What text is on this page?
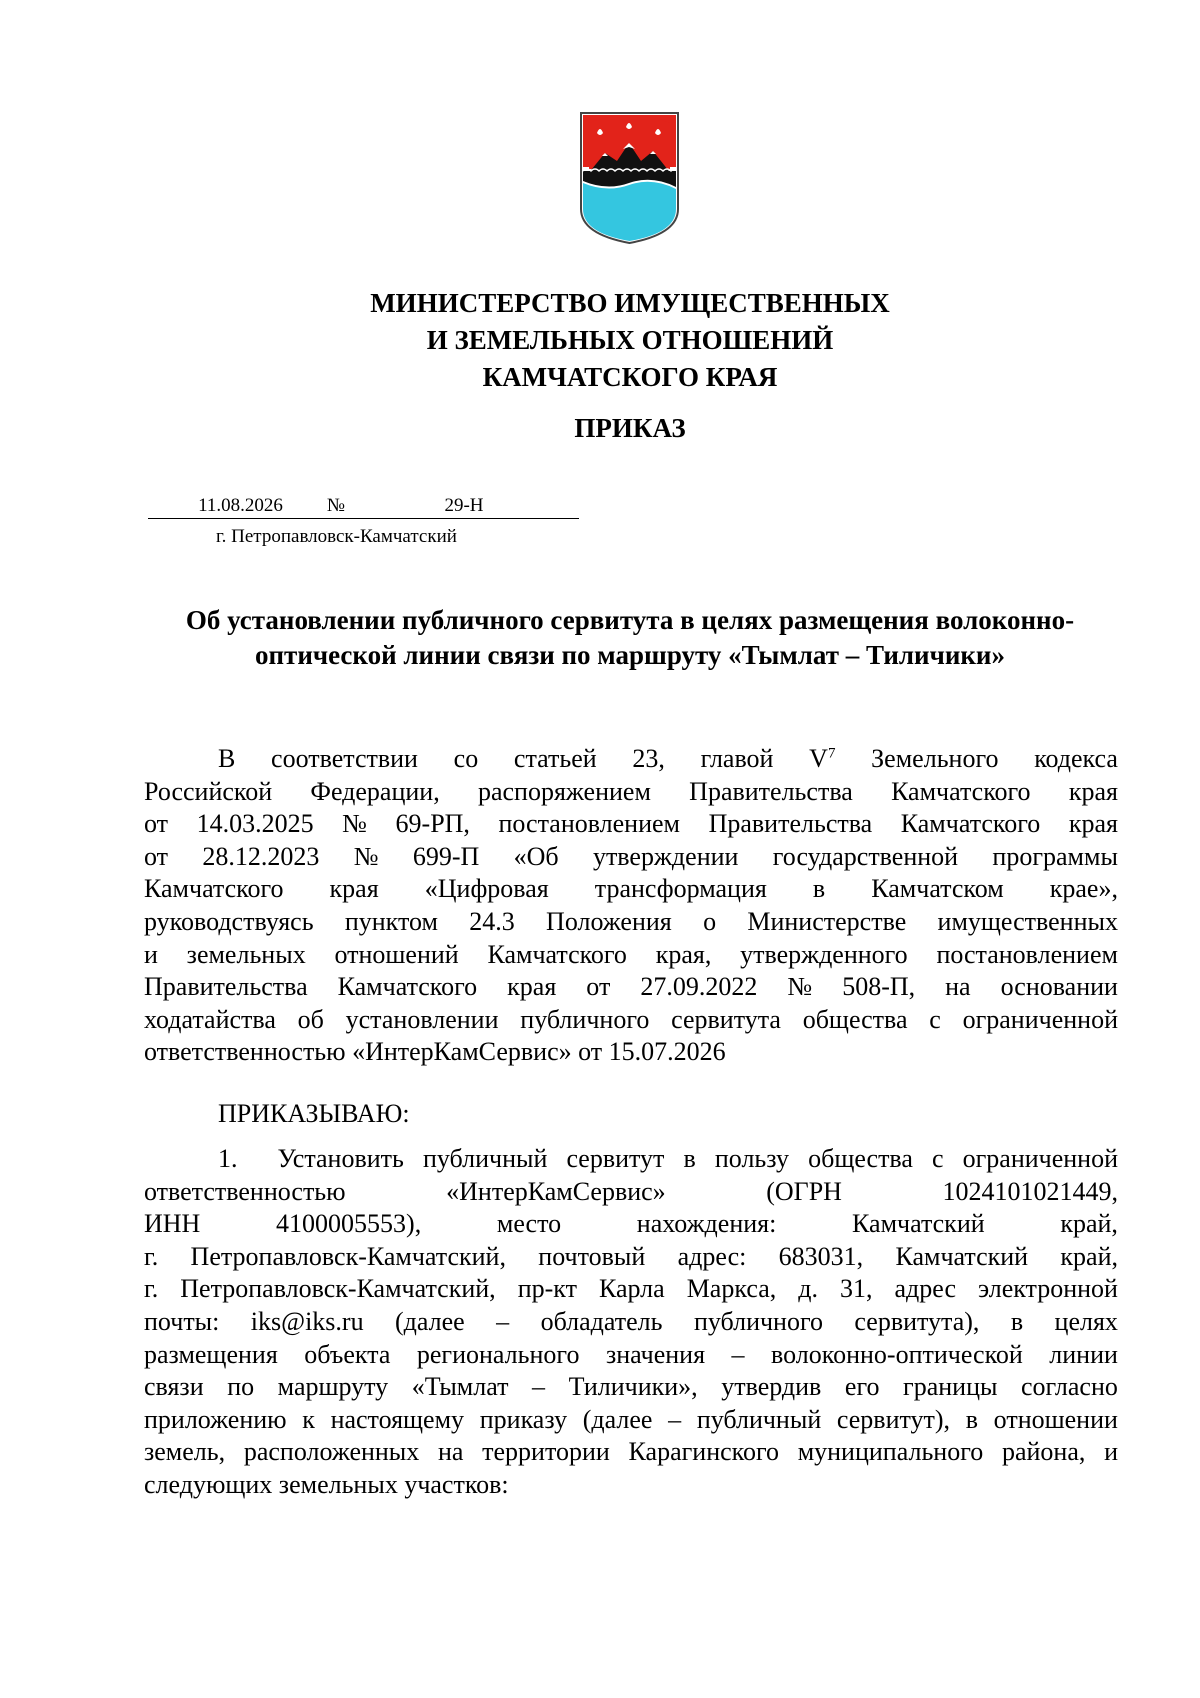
МИНИСТЕРСТВО ИМУЩЕСТВЕННЫХ
И ЗЕМЕЛЬНЫХ ОТНОШЕНИЙ
КАМЧАТСКОГО КРАЯ
ПРИКАЗ
11.08.2026 №	29-Н
г. Петропавловск-Камчатский
Об установлении публичного сервитута в целях размещения волоконно-
оптической линии связи по маршруту «Тымлат – Тиличики»
В соответствии со статьей 23, главой $V^7$ Земельного кодекса
Российской Федерации, распоряжением Правительства Камчатского края
от 14.03.2025 № 69-РП, постановлением Правительства Камчатского края
от 28.12.2023 № 699-П «Об утверждении государственной программы
Камчатского края «Цифровая трансформация в Камчатском крае»,
руководствуясь пунктом 24.3 Положения о Министерстве имущественных
и земельных отношений Камчатского края, утвержденного постановлением
Правительства Камчатского края от 27.09.2022 № 508-П, на основании
ходатайства об установлении публичного сервитута общества с ограниченной
ответственностью «ИнтерКамСервис» от 15.07.2026
ПРИКАЗЫВАЮ:
1. Установить публичный сервитут в пользу общества с ограниченной
ответственностью	«ИнтерКамСервис»	(ОГРН	1024101021449,
ИНН	4100005553),	место	нахождения:	Камчатский	край,
г. Петропавловск-Камчатский, почтовый адрес: 683031, Камчатский край,
г. Петропавловск-Камчатский, пр-кт Карла Маркса, д. 31, адрес электронной
почты: iks@iks.ru (далее – обладатель публичного сервитута), в целях
размещения объекта регионального значения – волоконно-оптической линии
связи по маршруту «Тымлат – Тиличики», утвердив его границы согласно
приложению к настоящему приказу (далее – публичный сервитут), в отношении
земель, расположенных на территории Карагинского муниципального района, и
следующих земельных участков:
